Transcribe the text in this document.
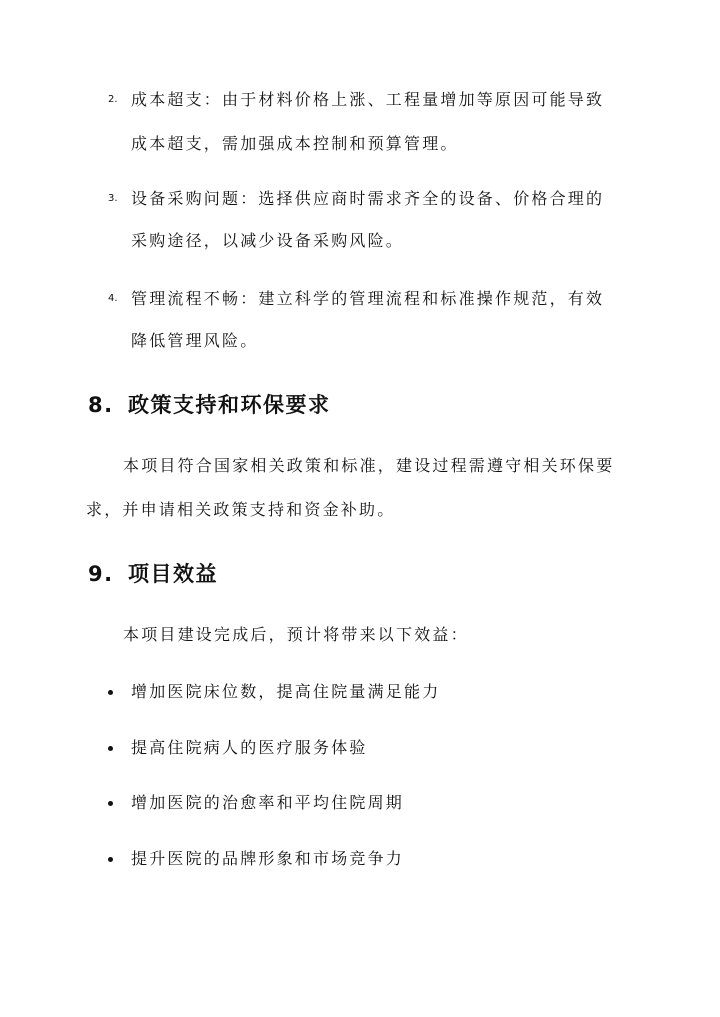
2. 成本超支：由于材料价格上涨、工程量增加等原因可能导致
成本超支，需加强成本控制和预算管理。
3. 设备采购问题：选择供应商时需求齐全的设备、价格合理的
采购途径，以减少设备采购风险。
4. 管理流程不畅：建立科学的管理流程和标准操作规范，有效
降低管理风险。
8. 政策支持和环保要求
本项目符合国家相关政策和标准，建设过程需遵守相关环保要
求，并申请相关政策支持和资金补助。
9. 项目效益
本项目建设完成后，预计将带来以下效益：
增加医院床位数，提高住院量满足能力
提高住院病人的医疗服务体验
增加医院的治愈率和平均住院周期
提升医院的品牌形象和市场竞争力
